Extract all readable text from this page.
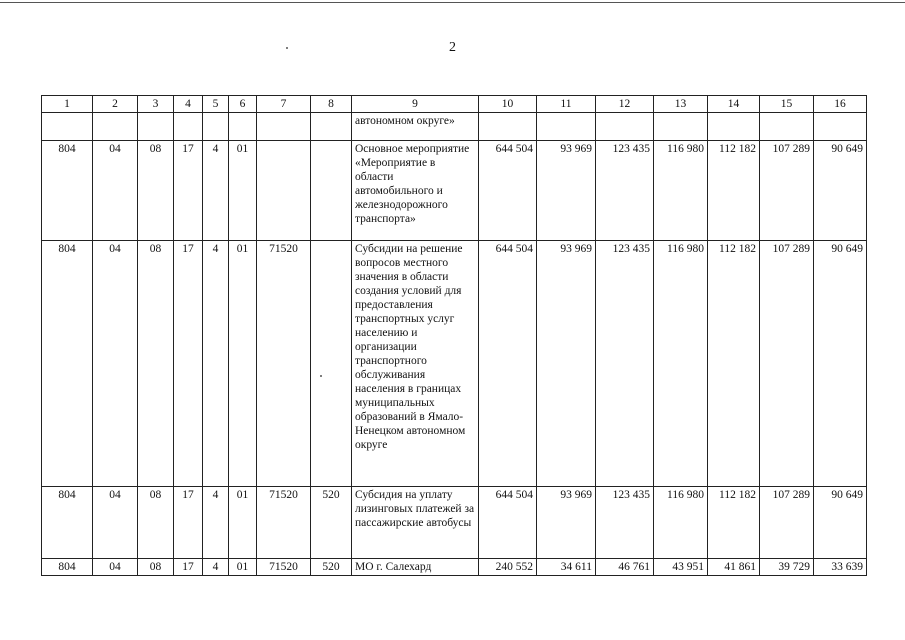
2
1	2	3	4	5	6	7	8	9	10	11	12	13	14	15	16
								автономном округе»							
804	04	08	17	4	01			Основное мероприятие «Мероприятие в области автомобильного и железнодорожного транспорта»	644 504	93 969	123 435	116 980	112 182	107 289	90 649
804	04	08	17	4	01	71520		Субсидии на решение вопросов местного значения в области создания условий для предоставления транспортных услуг населению и организации транспортного обслуживания населения в границах муниципальных образований в Ямало-Ненецком автономном округе	644 504	93 969	123 435	116 980	112 182	107 289	90 649
804	04	08	17	4	01	71520	520	Субсидия на уплату лизинговых платежей за пассажирские автобусы	644 504	93 969	123 435	116 980	112 182	107 289	90 649
804	04	08	17	4	01	71520	520	МО г. Салехард	240 552	34 611	46 761	43 951	41 861	39 729	33 639
